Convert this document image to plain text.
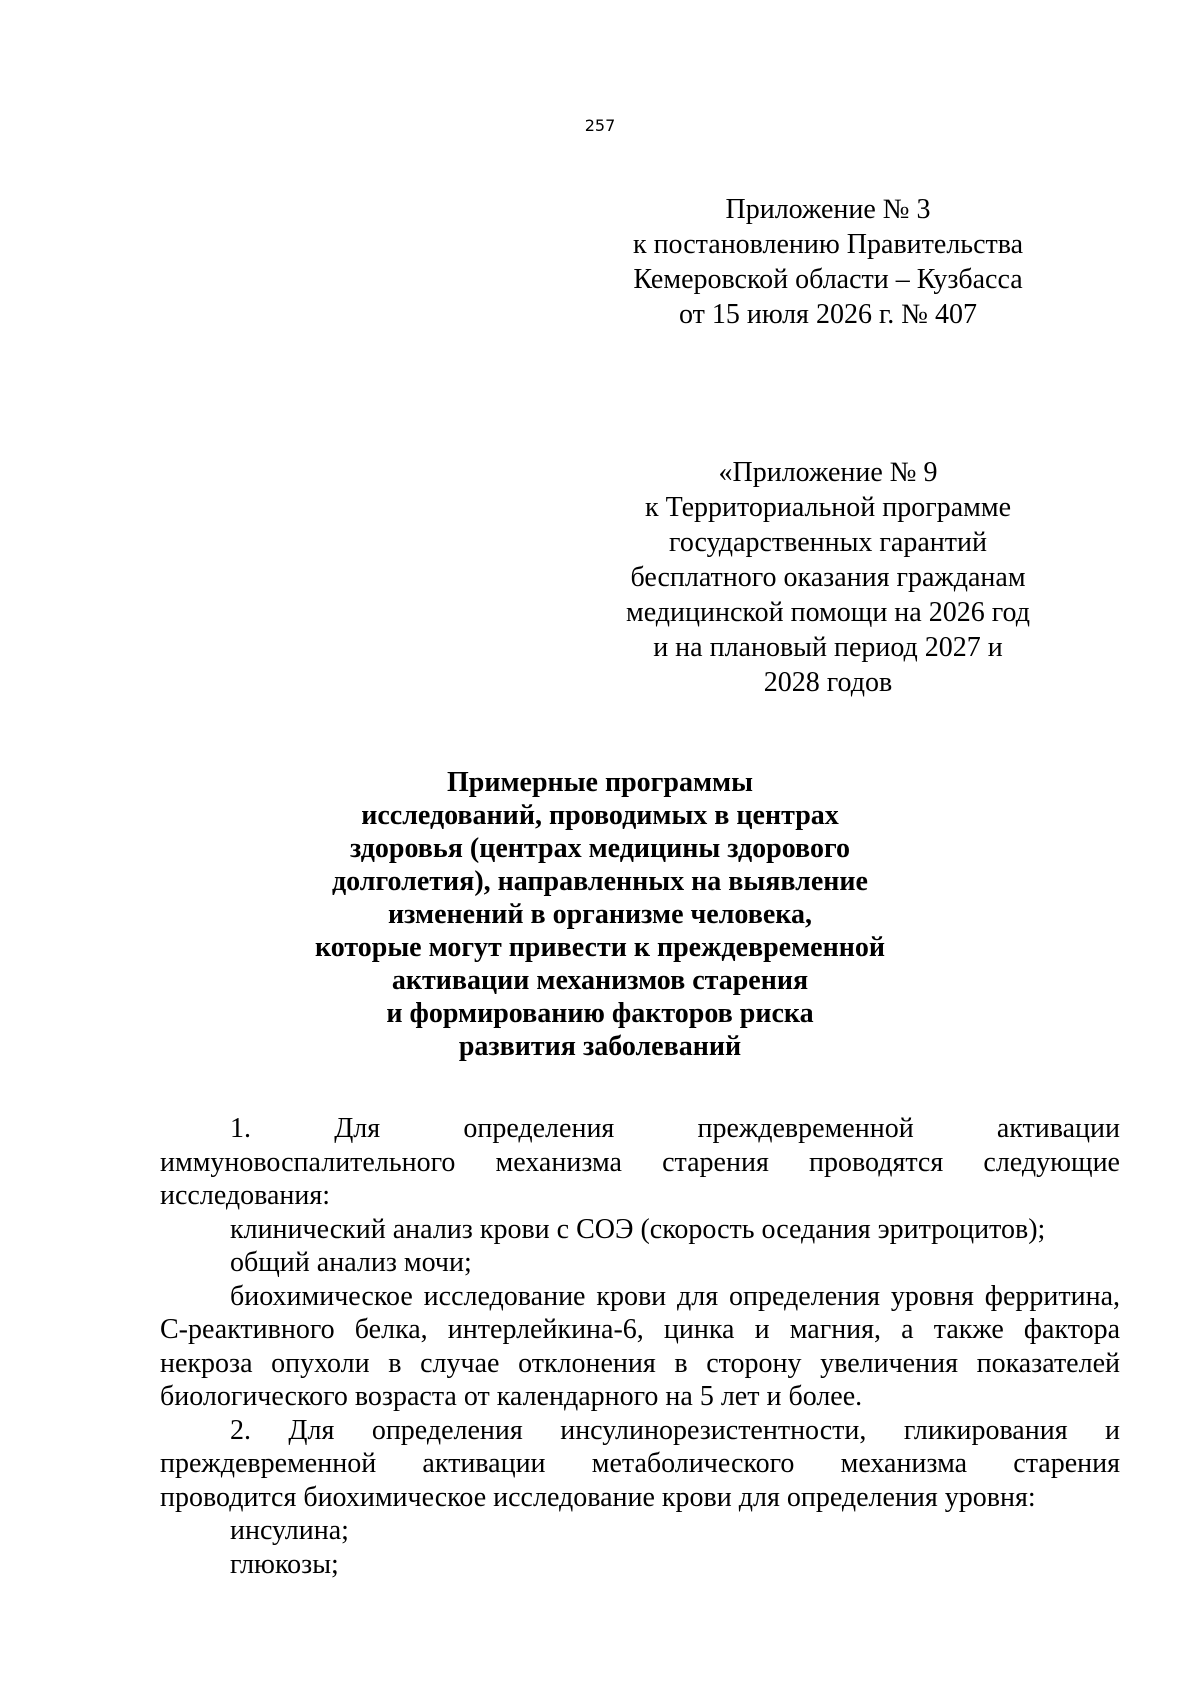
257
Приложение № 3
к постановлению Правительства
Кемеровской области – Кузбасса
от 15 июля 2026 г. № 407
«Приложение № 9
к Территориальной программе
государственных гарантий
бесплатного оказания гражданам
медицинской помощи на 2026 год
и на плановый период 2027 и
2028 годов
Примерные программы
исследований, проводимых в центрах
здоровья (центрах медицины здорового
долголетия), направленных на выявление
изменений в организме человека,
которые могут привести к преждевременной
активации механизмов старения
и формированию факторов риска
развития заболеваний
1. Для определения преждевременной активации
иммуновоспалительного механизма старения проводятся следующие
исследования:
клинический анализ крови с СОЭ (скорость оседания эритроцитов);
общий анализ мочи;
биохимическое исследование крови для определения уровня ферритина,
С-реактивного белка, интерлейкина-6, цинка и магния, а также фактора
некроза опухоли в случае отклонения в сторону увеличения показателей
биологического возраста от календарного на 5 лет и более.
2. Для определения инсулинорезистентности, гликирования и
преждевременной активации метаболического механизма старения
проводится биохимическое исследование крови для определения уровня:
инсулина;
глюкозы;
